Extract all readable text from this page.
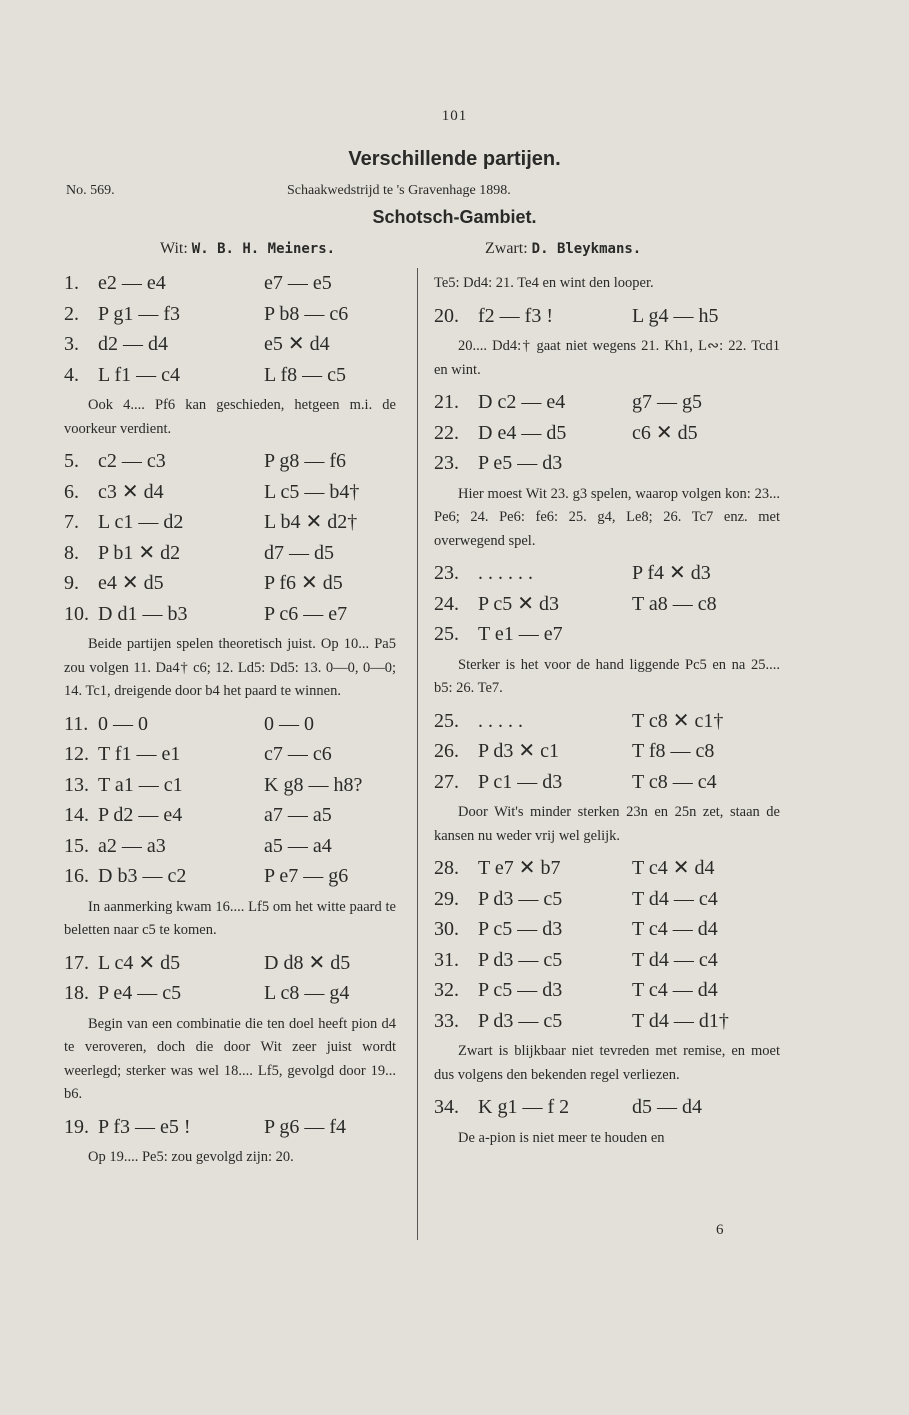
101
Verschillende partijen.
No. 569.	Schaakwedstrijd te 's Gravenhage 1898.
Schotsch-Gambiet.
Wit: W. B. H. Meiners.	Zwart: D. Bleykmans.
1. e2 — e4	e7 — e5
2. P g1 — f3	P b8 — c6
3. d2 — d4	e5 ✕ d4
4. L f1 — c4	L f8 — c5
Ook 4.... Pf6 kan geschieden, hetgeen m.i. de voorkeur verdient.
5. c2 — c3	P g8 — f6
6. c3 ✕ d4	L c5 — b4†
7. L c1 — d2	L b4 ✕ d2†
8. P b1 ✕ d2	d7 — d5
9. e4 ✕ d5	P f6 ✕ d5
10. D d1 — b3	P c6 — e7
Beide partijen spelen theoretisch juist. Op 10... Pa5 zou volgen 11. Da4† c6; 12. Ld5: Dd5: 13. 0—0, 0—0; 14. Tc1, dreigende door b4 het paard te winnen.
11. 0 — 0	0 — 0
12. T f1 — e1	c7 — c6
13. T a1 — c1	K g8 — h8?
14. P d2 — e4	a7 — a5
15. a2 — a3	a5 — a4
16. D b3 — c2	P e7 — g6
In aanmerking kwam 16.... Lf5 om het witte paard te beletten naar c5 te komen.
17. L c4 ✕ d5	D d8 ✕ d5
18. P e4 — c5	L c8 — g4
Begin van een combinatie die ten doel heeft pion d4 te veroveren, doch die door Wit zeer juist wordt weerlegd; sterker was wel 18.... Lf5, gevolgd door 19... b6.
19. P f3 — e5 !	P g6 — f4
Op 19.... Pe5: zou gevolgd zijn: 20.
Te5: Dd4: 21. Te4 en wint den looper.
20. f2 — f3 !	L g4 — h5
20.... Dd4:† gaat niet wegens 21. Kh1, L∾: 22. Tcd1 en wint.
21. D c2 — e4	g7 — g5
22. D e4 — d5	c6 ✕ d5
23. P e5 — d3
Hier moest Wit 23. g3 spelen, waarop volgen kon: 23... Pe6; 24. Pe6: fe6: 25. g4, Le8; 26. Tc7 enz. met overwegend spel.
23. . . . . . .	P f4 ✕ d3
24. P c5 ✕ d3	T a8 — c8
25. T e1 — e7
Sterker is het voor de hand liggende Pc5 en na 25.... b5: 26. Te7.
25. . . . . .	T c8 ✕ c1†
26. P d3 ✕ c1	T f8 — c8
27. P c1 — d3	T c8 — c4
Door Wit's minder sterken 23n en 25n zet, staan de kansen nu weder vrij wel gelijk.
28. T e7 ✕ b7	T c4 ✕ d4
29. P d3 — c5	T d4 — c4
30. P c5 — d3	T c4 — d4
31. P d3 — c5	T d4 — c4
32. P c5 — d3	T c4 — d4
33. P d3 — c5	T d4 — d1†
Zwart is blijkbaar niet tevreden met remise, en moet dus volgens den bekenden regel verliezen.
34. K g1 — f 2	d5 — d4
De a-pion is niet meer te houden en
6
